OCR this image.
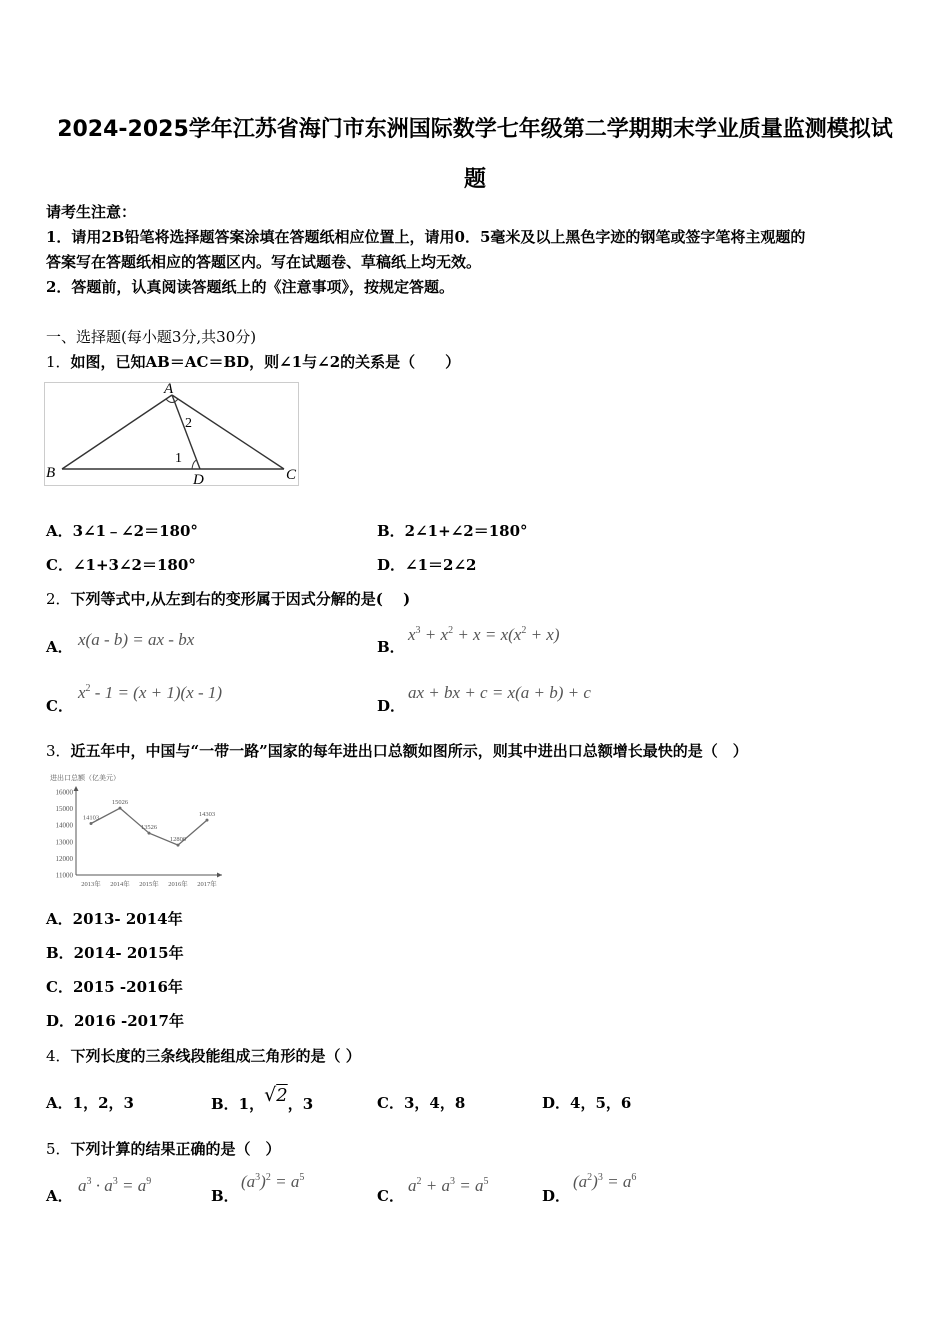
2024-2025学年江苏省海门市东洲国际数学七年级第二学期期末学业质量监测模拟试
题
请考生注意：
1．请用2B铅笔将选择题答案涂填在答题纸相应位置上，请用0．5毫米及以上黑色字迹的钢笔或签字笔将主观题的
答案写在答题纸相应的答题区内。写在试题卷、草稿纸上均无效。
2．答题前，认真阅读答题纸上的《注意事项》，按规定答题。
一、选择题(每小题3分,共30分)
1．如图，已知AB＝AC＝BD，则∠1与∠2的关系是（　　）
A
B	C
D
1
2
A．3∠1﹣∠2＝180°	B．2∠1+∠2＝180°
C．∠1+3∠2＝180°	D．∠1＝2∠2
2．下列等式中,从左到右的变形属于因式分解的是(　 )
A． x(a - b) = ax - bx	B．
$x^3 + x^2 + x = x(x^2 + x)$
C．
$x^2 - 1 = (x + 1)(x - 1)$
D．
ax + bx + c = x(a + b) + c
3．近五年中，中国与“一带一路”国家的每年进出口总额如图所示，则其中进出口总额增长最快的是（　）
进出口总额（亿美元）
16000
15000
14000
13000
12000
11000
2013年 2014年 2015年 2016年 2017年
14103
15026
13526
12800
14303
A．2013- 2014年
B．2014- 2015年
C．2015 -2016年
D．2016 -2017年
4．下列长度的三条线段能组成三角形的是（ ）
A．1，2，3	B．1，√2，3	C．3，4，8	D．4，5，6
5．下列计算的结果正确的是（　）
A．
$a^3 \cdot a^3 = a^9$
B．
$(a^3)^2 = a^5$
C．
$a^2 + a^3 = a^5$
D．
$(a^2)^3 = a^6$
